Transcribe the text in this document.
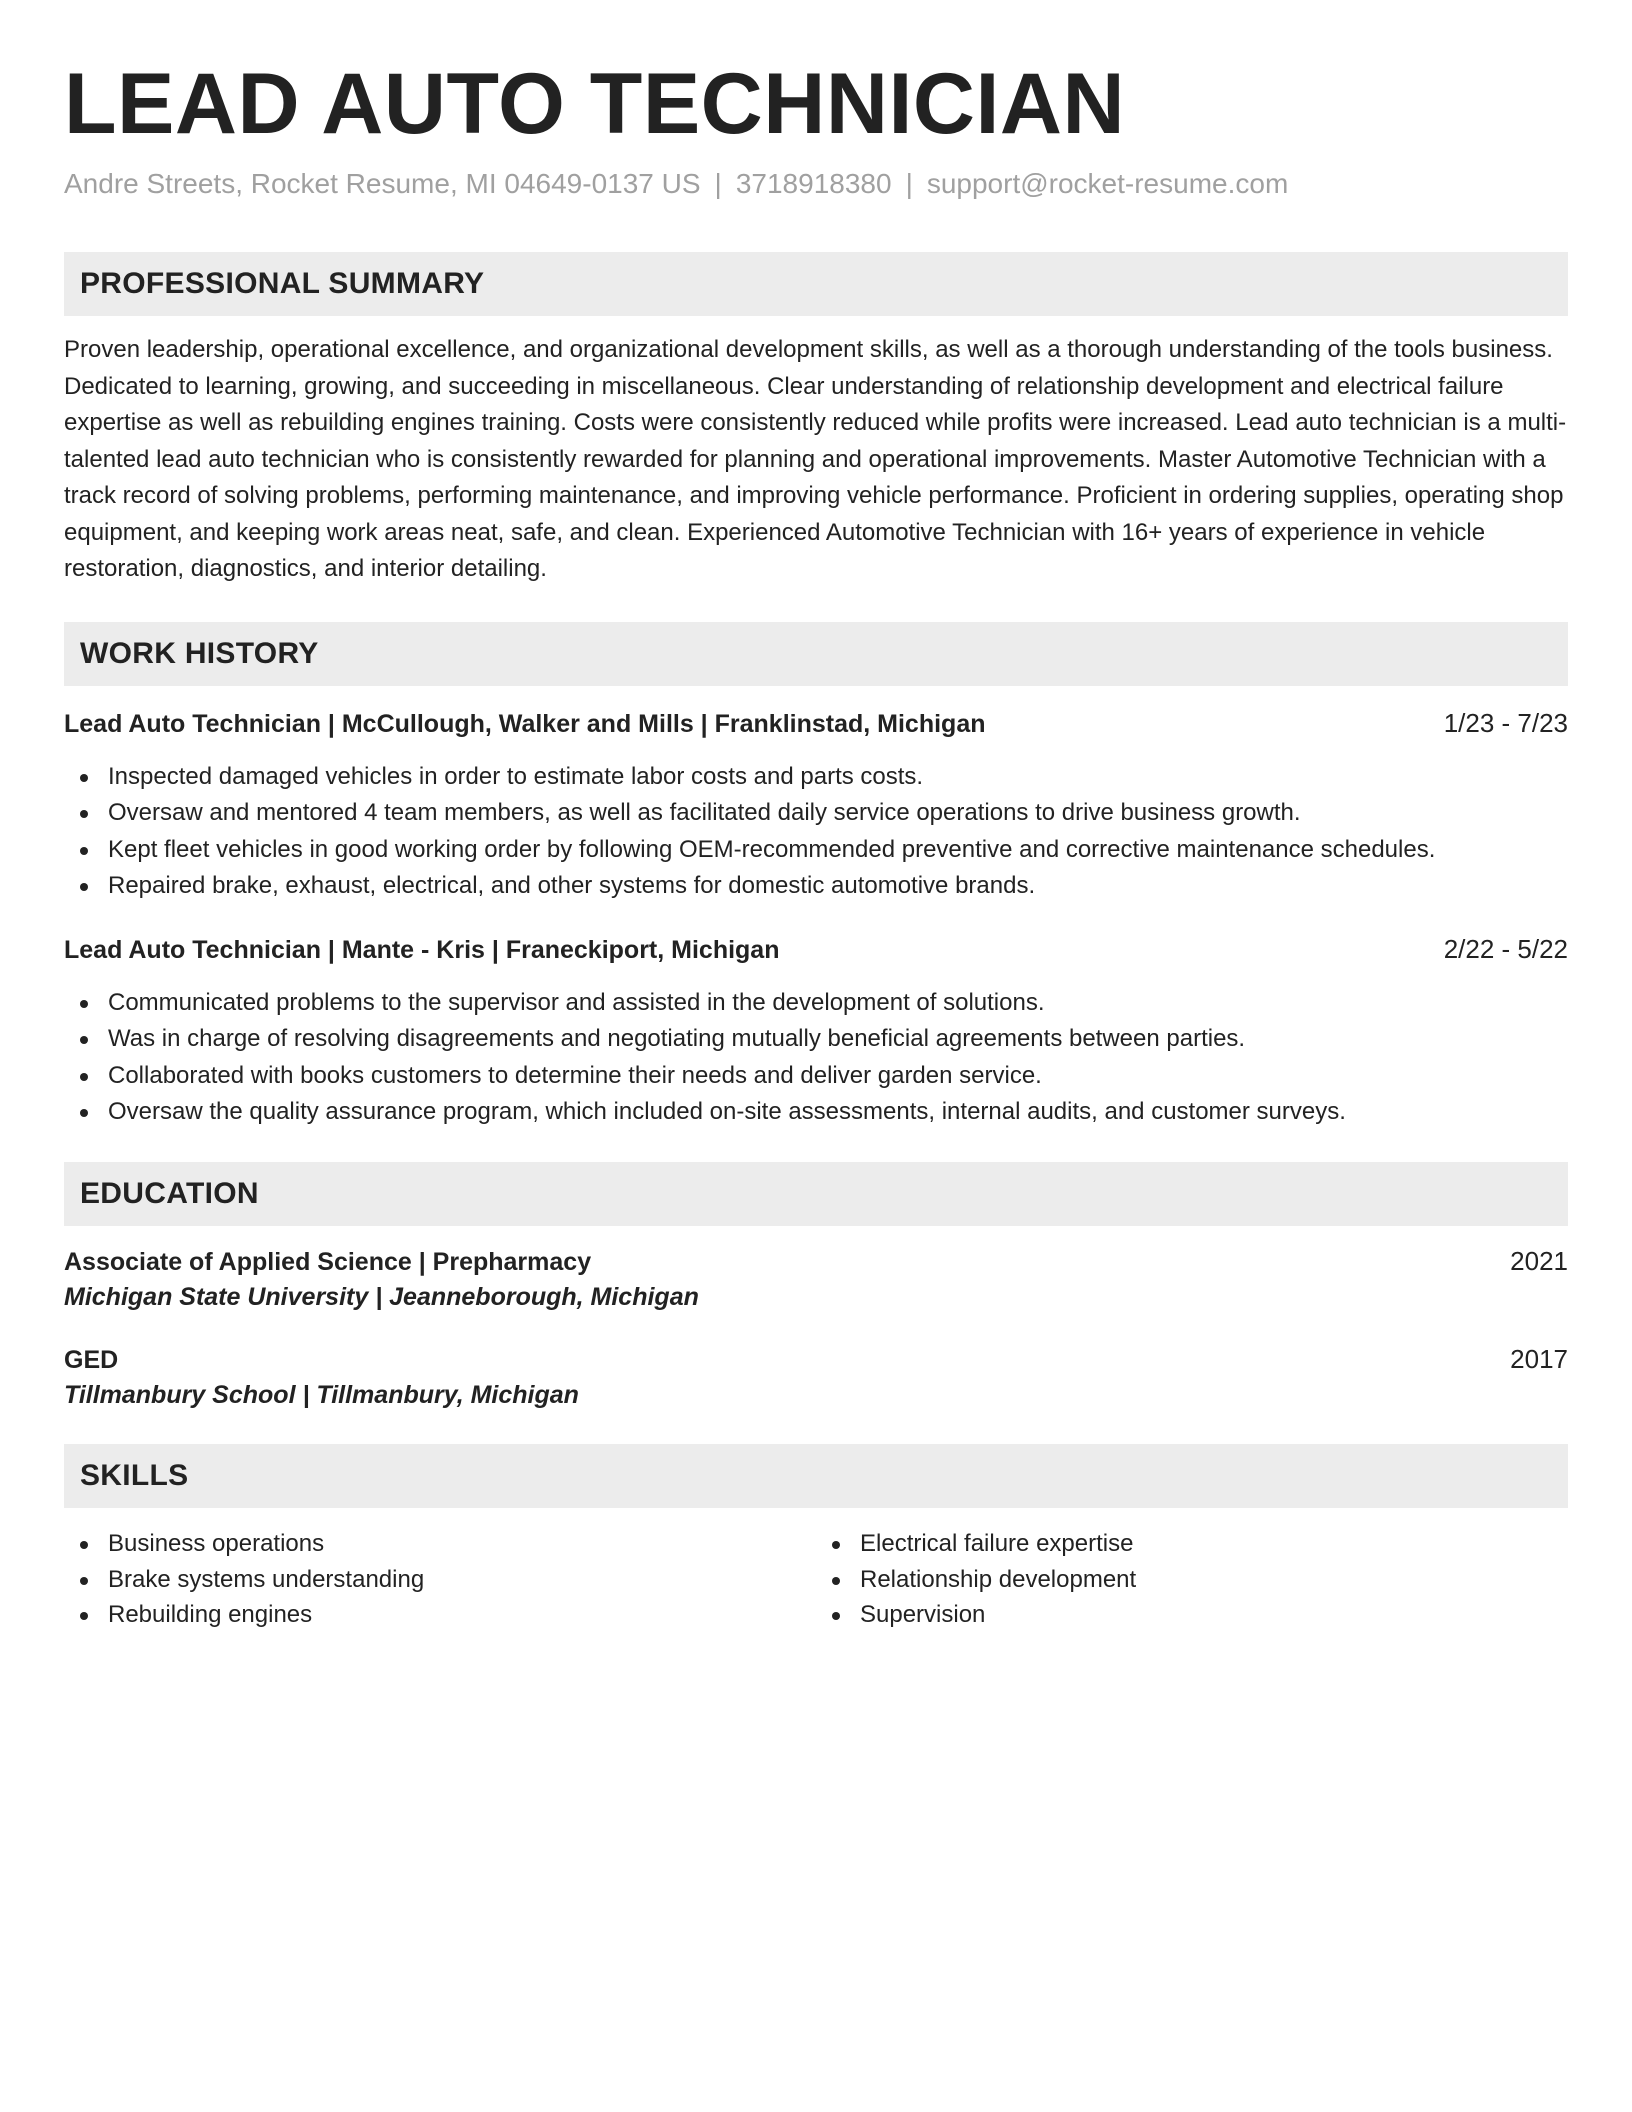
LEAD AUTO TECHNICIAN
Andre Streets, Rocket Resume, MI 04649-0137 US | 3718918380 | support@rocket-resume.com
PROFESSIONAL SUMMARY

Proven leadership, operational excellence, and organizational development skills, as well as a thorough understanding of the tools business. Dedicated to learning, growing, and succeeding in miscellaneous. Clear understanding of relationship development and electrical failure expertise as well as rebuilding engines training. Costs were consistently reduced while profits were increased. Lead auto technician is a multi-talented lead auto technician who is consistently rewarded for planning and operational improvements. Master Automotive Technician with a track record of solving problems, performing maintenance, and improving vehicle performance. Proficient in ordering supplies, operating shop equipment, and keeping work areas neat, safe, and clean. Experienced Automotive Technician with 16+ years of experience in vehicle restoration, diagnostics, and interior detailing.

WORK HISTORY
Lead Auto Technician | McCullough, Walker and Mills | Franklinstad, Michigan	1/23 - 7/23
Inspected damaged vehicles in order to estimate labor costs and parts costs.
Oversaw and mentored 4 team members, as well as facilitated daily service operations to drive business growth.
Kept fleet vehicles in good working order by following OEM-recommended preventive and corrective maintenance schedules.
Repaired brake, exhaust, electrical, and other systems for domestic automotive brands.
Lead Auto Technician | Mante - Kris | Franeckiport, Michigan	2/22 - 5/22
Communicated problems to the supervisor and assisted in the development of solutions.
Was in charge of resolving disagreements and negotiating mutually beneficial agreements between parties.
Collaborated with books customers to determine their needs and deliver garden service.
Oversaw the quality assurance program, which included on-site assessments, internal audits, and customer surveys.
EDUCATION
Associate of Applied Science | Prepharmacy	2021
Michigan State University | Jeanneborough, Michigan
GED	2017
Tillmanbury School | Tillmanbury, Michigan
SKILLS
Business operations
Brake systems understanding
Rebuilding engines
Electrical failure expertise
Relationship development
Supervision
